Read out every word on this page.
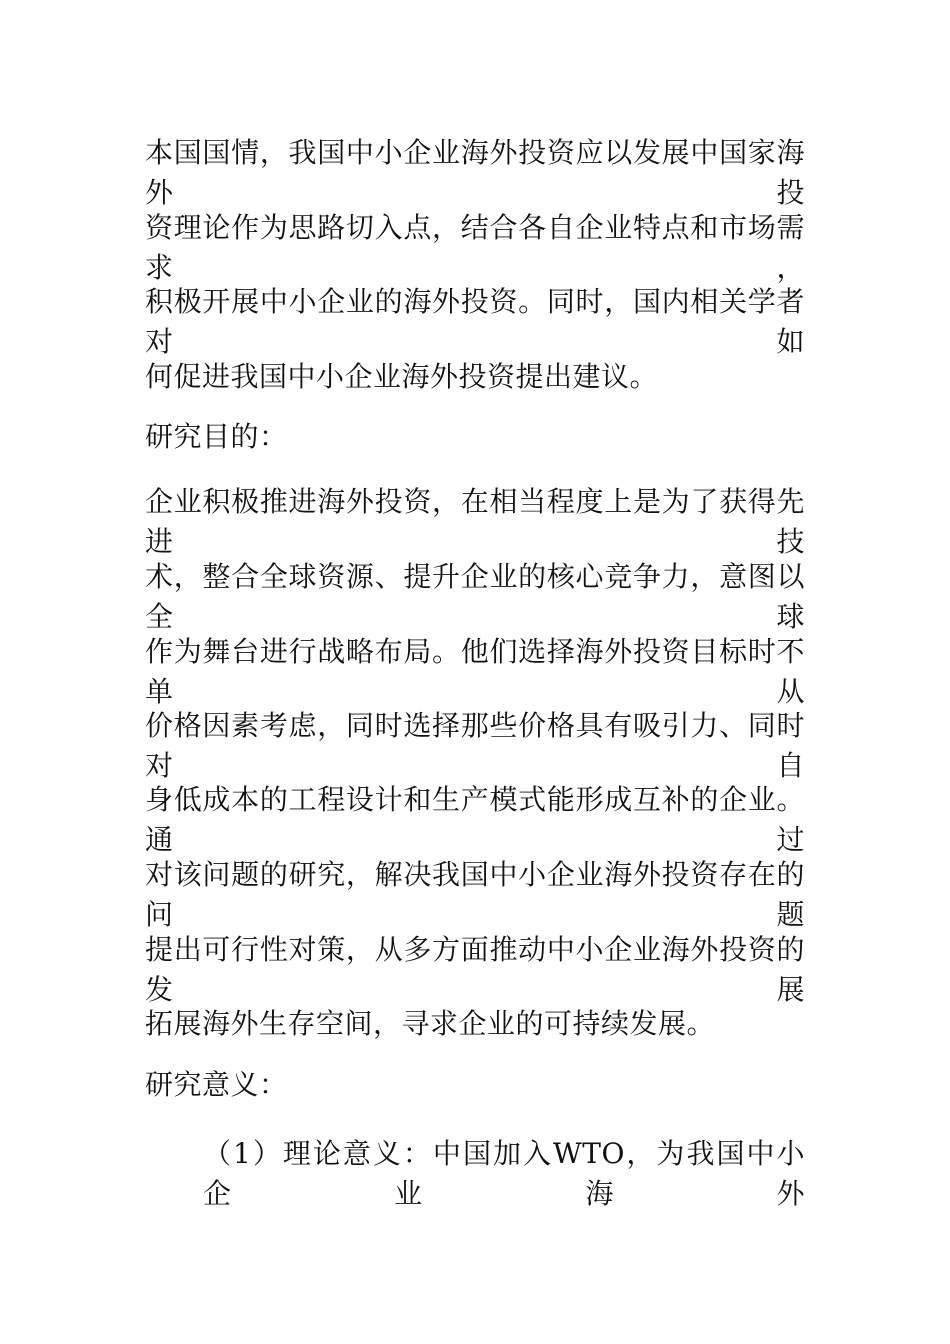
本国国情，我国中小企业海外投资应以发展中国家海外投
资理论作为思路切入点，结合各自企业特点和市场需求，
积极开展中小企业的海外投资。同时，国内相关学者对如
何促进我国中小企业海外投资提出建议。
研究目的：
企业积极推进海外投资，在相当程度上是为了获得先进技
术，整合全球资源、提升企业的核心竞争力，意图以全球
作为舞台进行战略布局。他们选择海外投资目标时不单从
价格因素考虑，同时选择那些价格具有吸引力、同时对自
身低成本的工程设计和生产模式能形成互补的企业。通过
对该问题的研究，解决我国中小企业海外投资存在的问题
提出可行性对策，从多方面推动中小企业海外投资的发展
拓展海外生存空间，寻求企业的可持续发展。
研究意义：
（1）理论意义：中国加入WTO，为我国中小企业海外
